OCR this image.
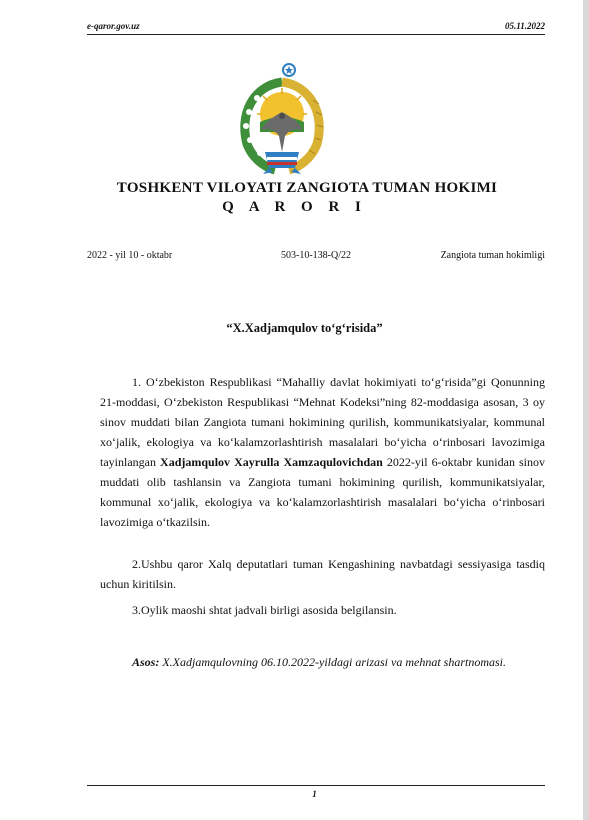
e-qaror.gov.uz	05.11.2022
TOSHKENT VILOYATI ZANGIOTA TUMAN HOKIMI
Q A R O R I
2022 - yil 10 - oktabr	503-10-138-Q/22	Zangiota tuman hokimligi
“X.Xadjamqulov to‘g‘risida”
1. O‘zbekiston Respublikasi “Mahalliy davlat hokimiyati to‘g‘risida”gi Qonunning 21-moddasi, O‘zbekiston Respublikasi “Mehnat Kodeksi”ning 82-moddasiga asosan, 3 oy sinov muddati bilan Zangiota tumani hokimining qurilish, kommunikatsiyalar, kommunal xo‘jalik, ekologiya va ko‘kalamzorlashtirish masalalari bo‘yicha o‘rinbosari lavozimiga tayinlangan Xadjamqulov Xayrulla Xamzaqulovichdan 2022-yil 6-oktabr kunidan sinov muddati olib tashlansin va Zangiota tumani hokimining qurilish, kommunikatsiyalar, kommunal xo‘jalik, ekologiya va ko‘kalamzorlashtirish masalalari bo‘yicha o‘rinbosari lavozimiga o‘tkazilsin.
2.Ushbu qaror Xalq deputatlari tuman Kengashining navbatdagi sessiyasiga tasdiq uchun kiritilsin.
3.Oylik maoshi shtat jadvali birligi asosida belgilansin.
Asos: X.Xadjamqulovning 06.10.2022-yildagi arizasi va mehnat shartnomasi.
1
